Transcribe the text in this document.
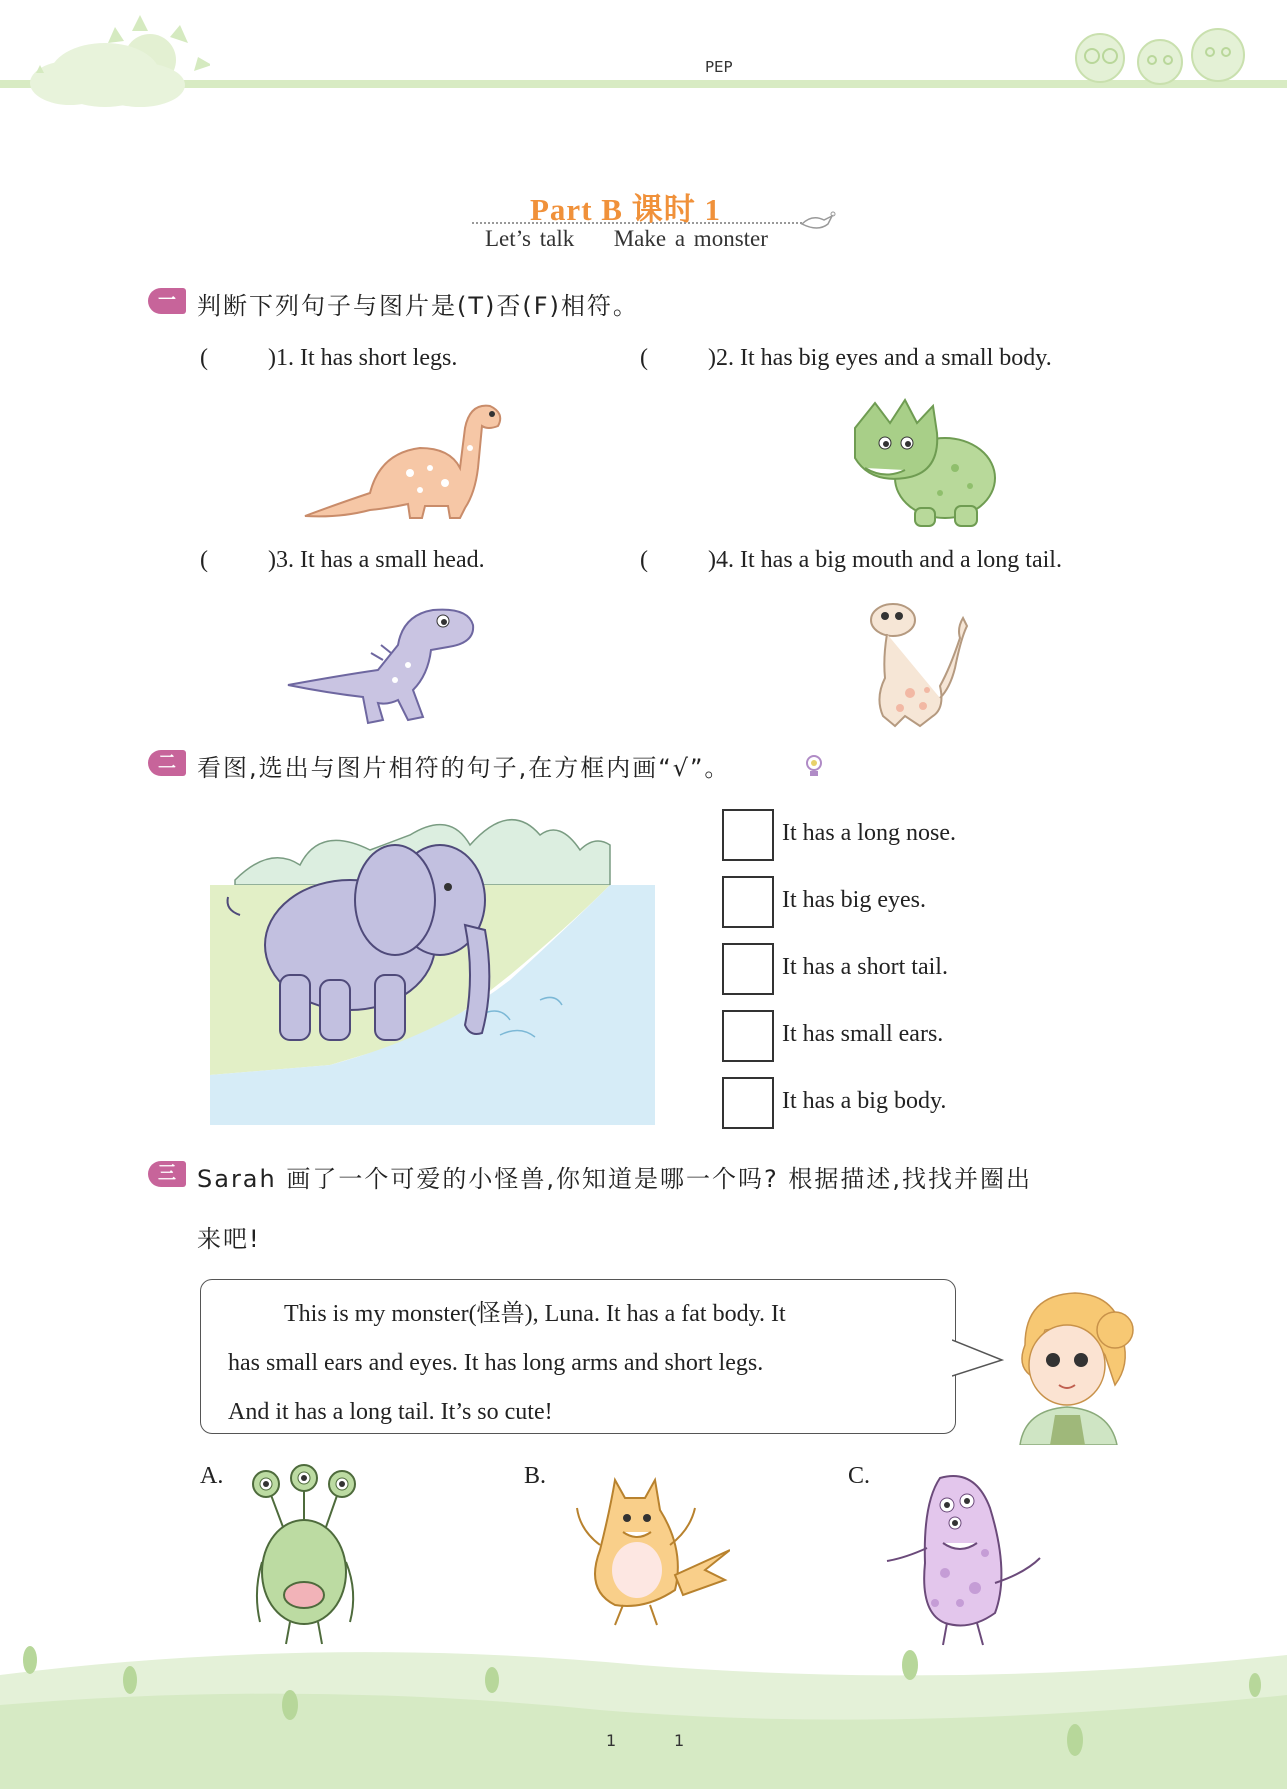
PEP
Part B 课时 1
Let’s talk Make a monster
一 判断下列句子与图片是(T)否(F)相符。
(	)1. It has short legs.	(	)2. It has big eyes and a small body.
(	)3. It has a small head.	(	)4. It has a big mouth and a long tail.
二 看图,选出与图片相符的句子,在方框内画“√”。
It has a long nose.
It has big eyes.
It has a short tail.
It has small ears.
It has a big body.
三 Sarah 画了一个可爱的小怪兽,你知道是哪一个吗? 根据描述,找找并圈出
来吧!
This is my monster(怪兽), Luna. It has a fat body. It
has small ears and eyes. It has long arms and short legs.
And it has a long tail. It’s so cute!
A.	B.	C.
1	1
